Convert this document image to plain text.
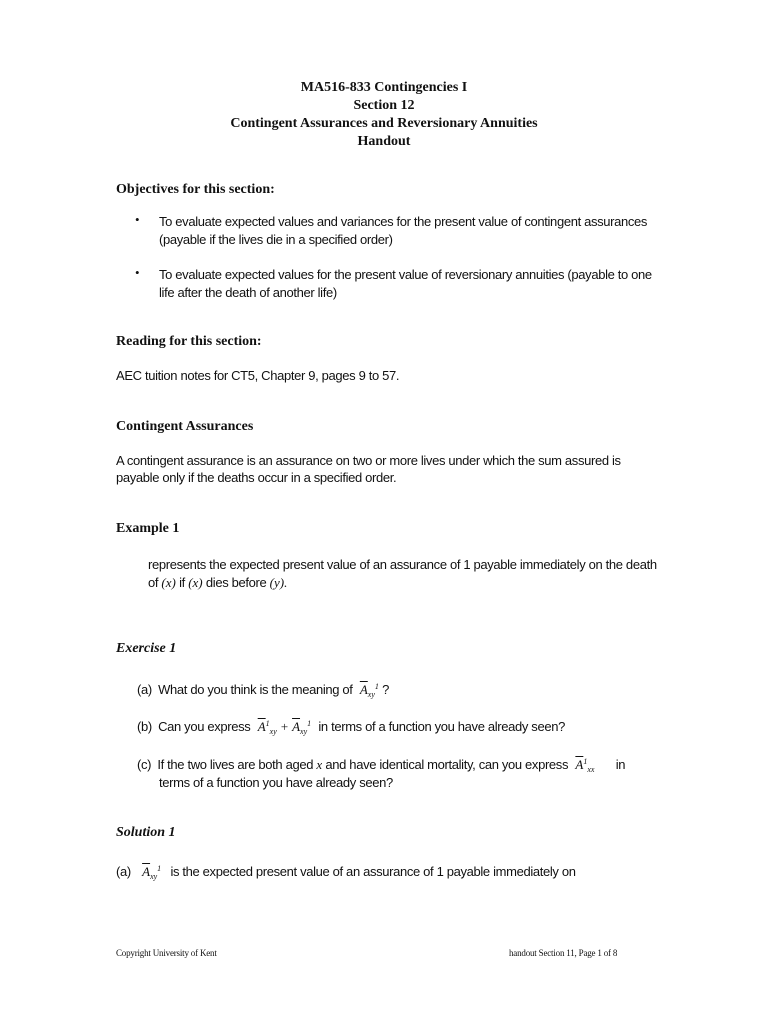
MA516-833 Contingencies I
Section 12
Contingent Assurances and Reversionary Annuities
Handout
Objectives for this section:
• To evaluate expected values and variances for the present value of contingent assurances
(payable if the lives die in a specified order)
• To evaluate expected values for the present value of reversionary annuities (payable to one
life after the death of another life)
Reading for this section:
AEC tuition notes for CT5, Chapter 9, pages 9 to 57.
Contingent Assurances
A contingent assurance is an assurance on two or more lives under which the sum assured is
payable only if the deaths occur in a specified order.
Example 1
represents the expected present value of an assurance of 1 payable immediately on the death
of (x) if (x) dies before (y).
Exercise 1
(a) What do you think is the meaning of $\overline{A}_{xy}^1$ ?
(b) Can you express $\overline{A}^1_{xy} + \overline{A}_{xy}^1$ in terms of a function you have already seen?
(c) If the two lives are both aged x and have identical mortality, can you express $\overline{A}^1_{xx}$ in
terms of a function you have already seen?
Solution 1
(a) $\overline{A}_{xy}^1$ is the expected present value of an assurance of 1 payable immediately on
Copyright University of Kent	handout Section 11, Page 1 of 8
